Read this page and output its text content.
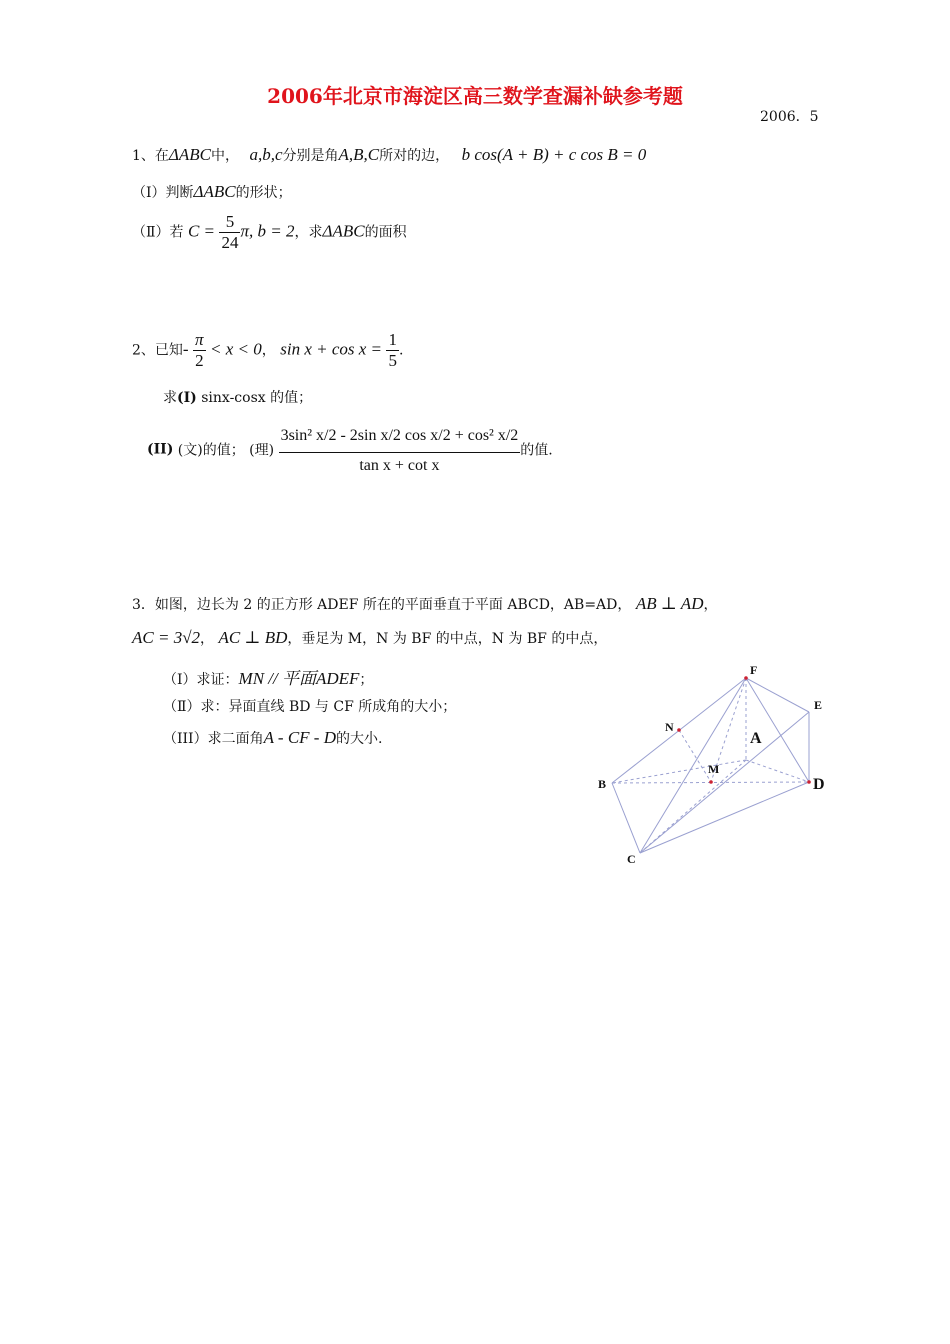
2006年北京市海淀区高三数学查漏补缺参考题
2006．5
1、在ΔABC中， a,b,c分别是角A,B,C所对的边， b cos(A + B) + c cos B = 0
（Ⅰ）判断ΔABC的形状；
（Ⅱ）若 $C = \frac{5}{24} \pi$, b = 2，求ΔABC的面积
2、已知- $\frac{\pi}{2} < x < 0$， $\sin x + \cos x = \frac{1}{5}$ .
求(Ⅰ) sinx-cosx 的值；
(II) (文)的值； (理) $\frac{\text{3sin² x/2 - 2sin x/2 cos x/2 + cos² x/2}}{\text{tan x + cot x}}$ 的值.
3．如图，边长为 2 的正方形 ADEF 所在的平面垂直于平面 ABCD，AB=AD， AB ⊥ AD，
AC = 3√2， AC ⊥ BD，垂足为 M，N 为 BF 的中点，N 为 BF 的中点，
（Ⅰ）求证：MN // 平面ADEF；
（Ⅱ）求：异面直线 BD 与 CF 所成角的大小；
（III）求二面角A - CF - D的大小.
F
E
N
A
M
B	D
C
